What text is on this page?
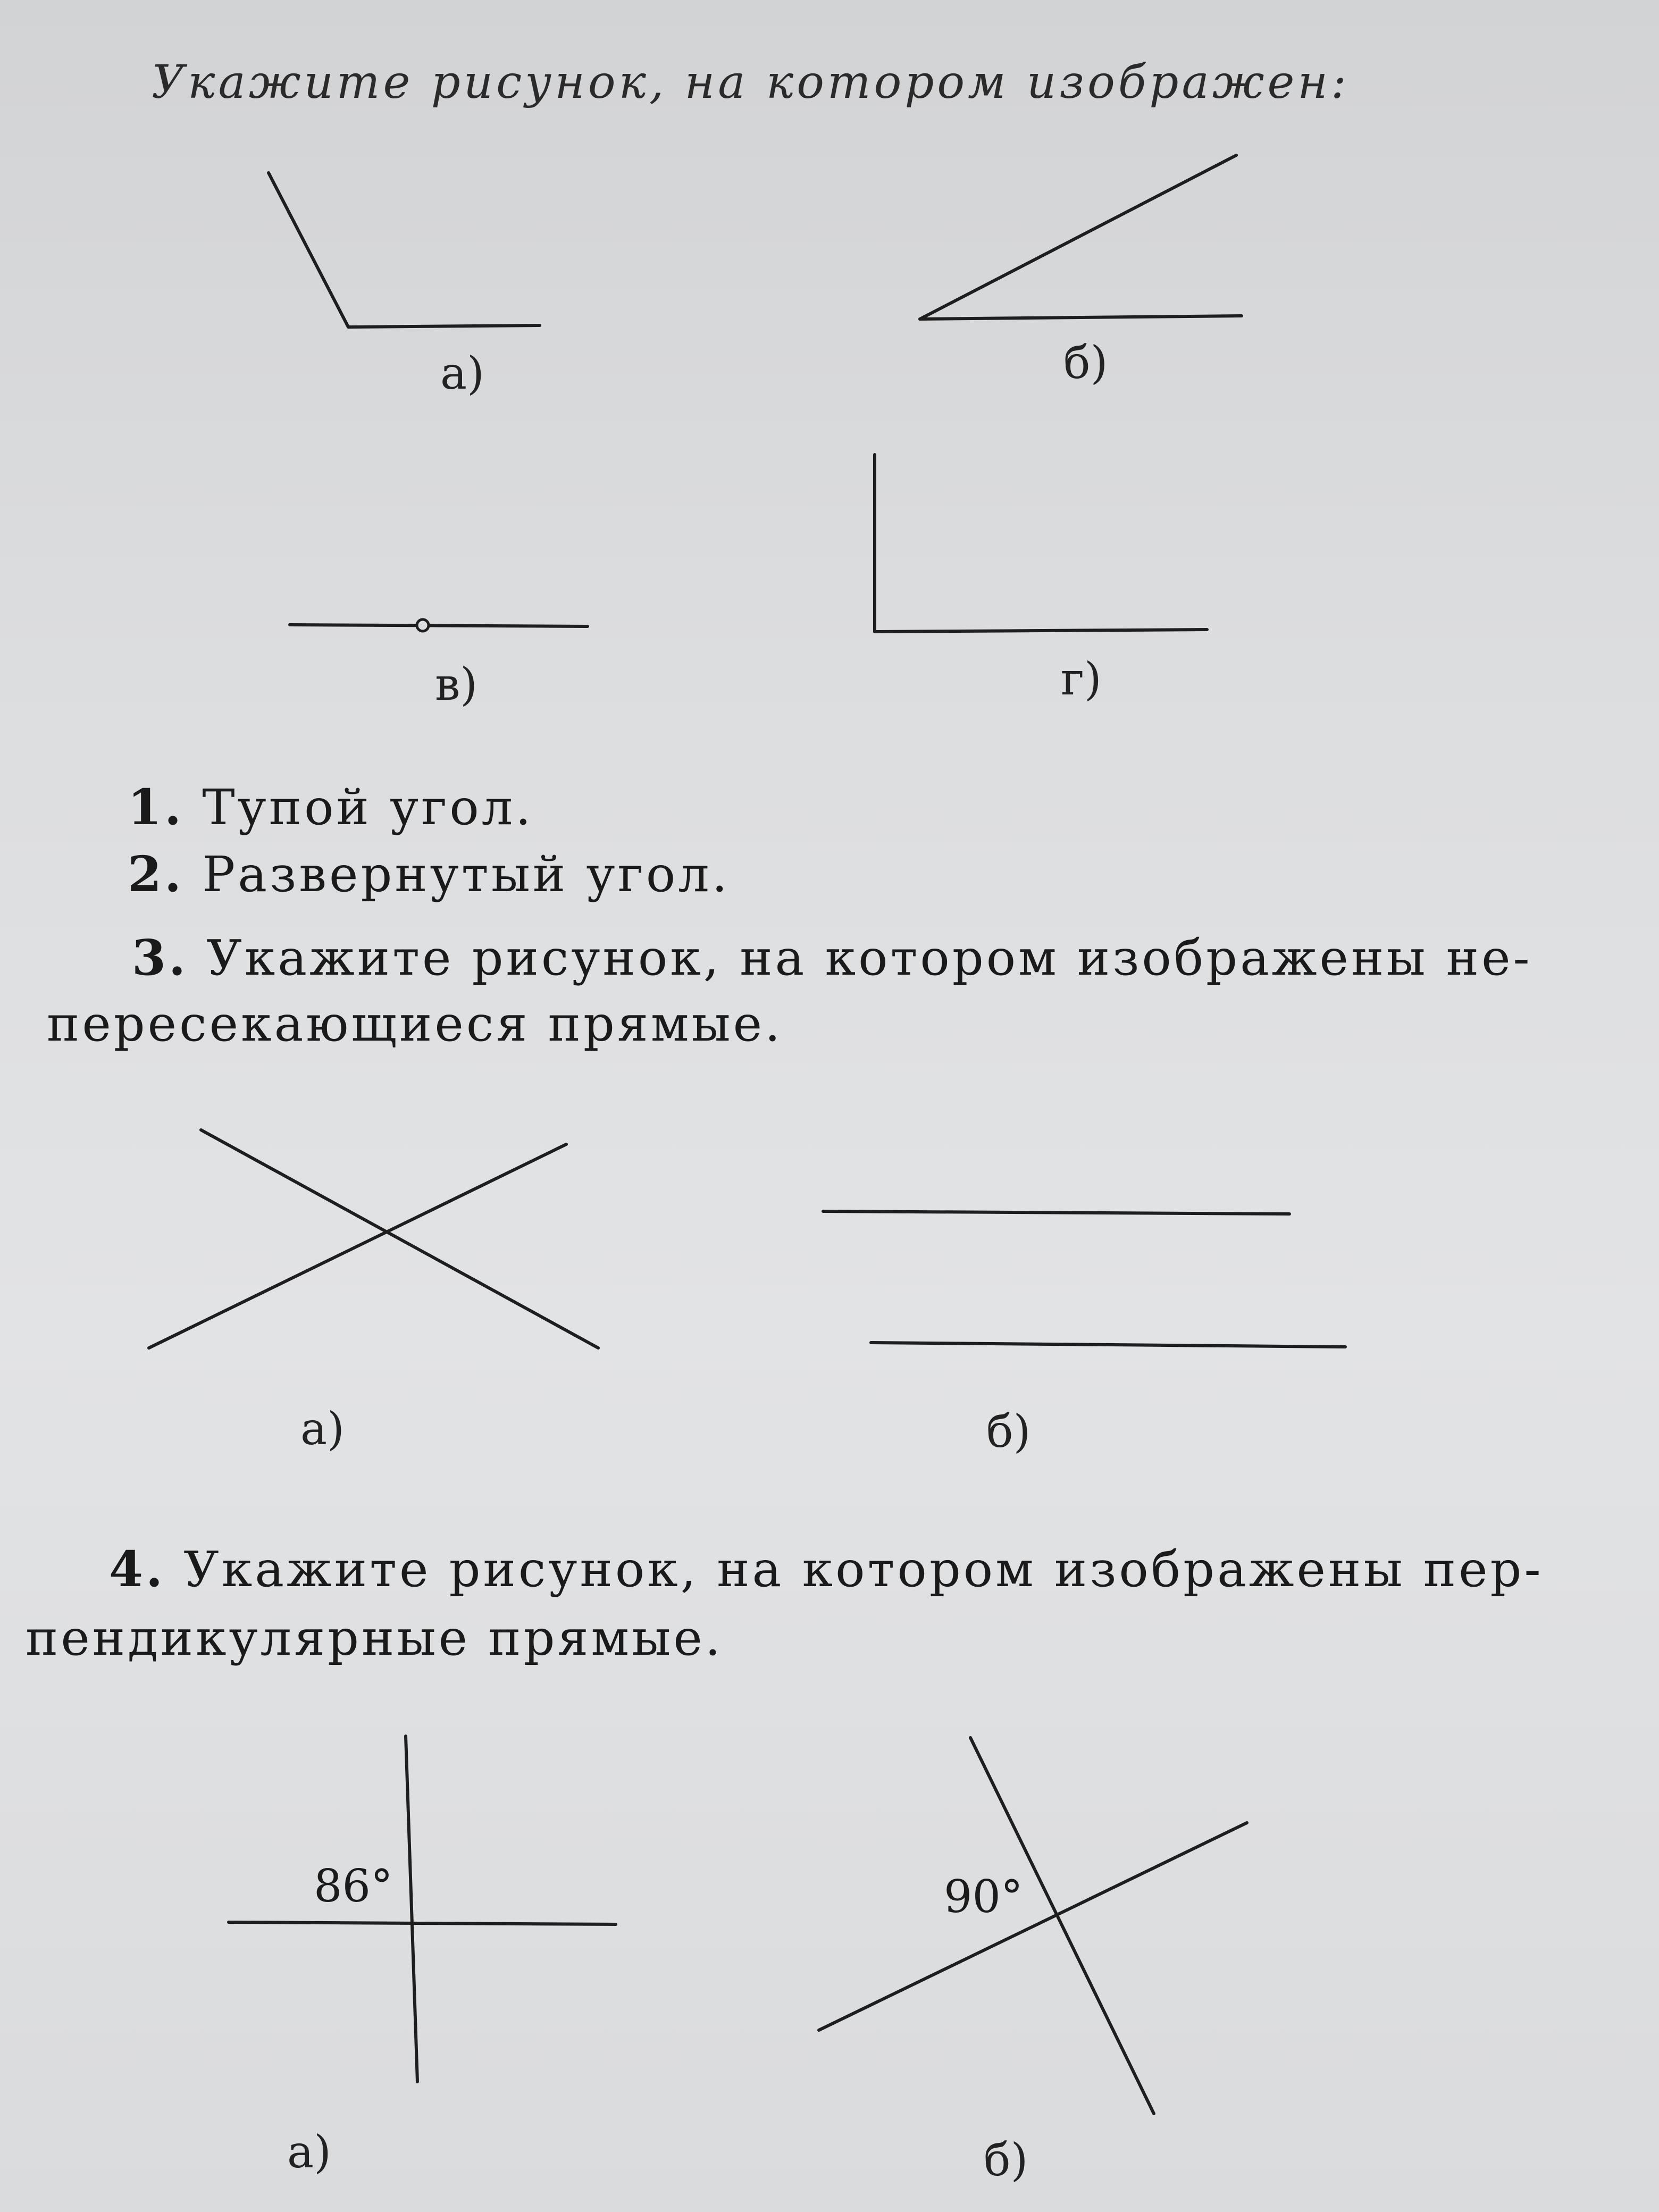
Укажите рисунок, на котором изображен:
а)	б)
в)	г)
1. Тупой угол.
2. Развернутый угол.
3. Укажите рисунок, на котором изображены не-
пересекающиеся прямые.
а)	б)
4. Укажите рисунок, на котором изображены пер-
пендикулярные прямые.
86°	90°
а)	б)
